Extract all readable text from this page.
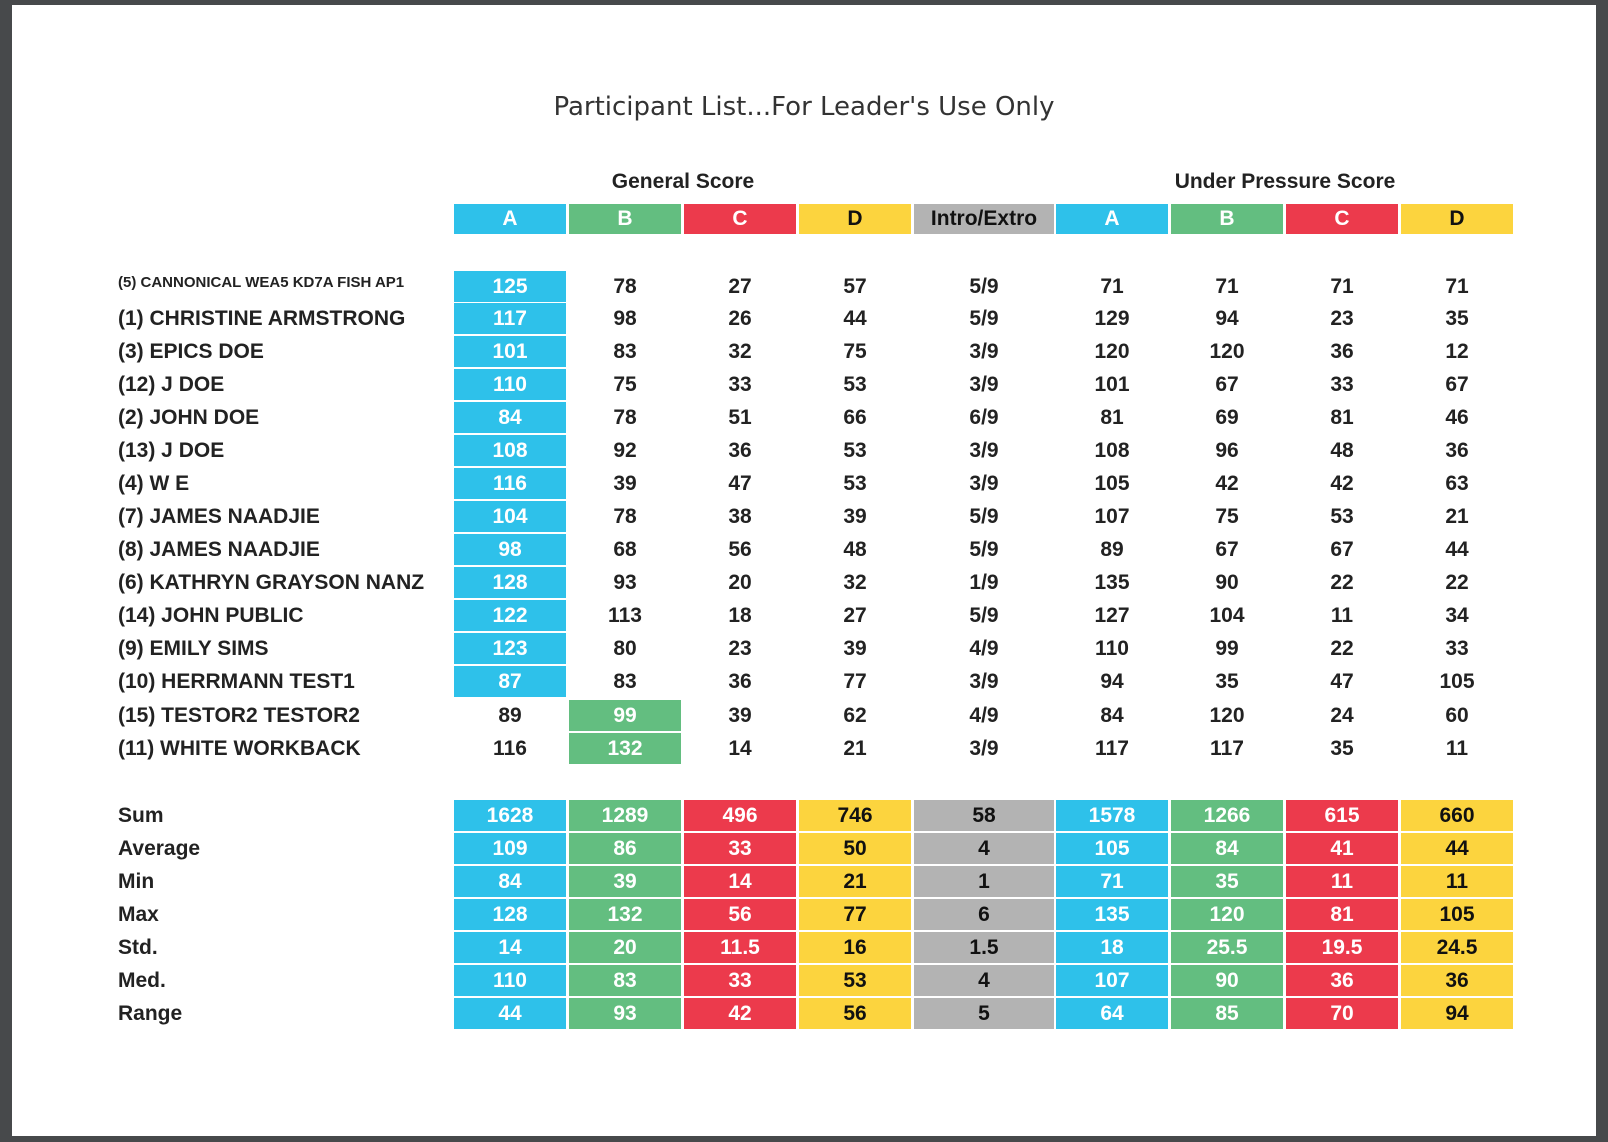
Participant List...For Leader's Use Only
General Score	Under Pressure Score
A	B	C	D	Intro/Extro	A	B	C	D
(5) CANNONICAL WEA5 KD7A FISH AP1	125	78	27	57	5/9	71	71	71	71
(1) CHRISTINE ARMSTRONG	117	98	26	44	5/9	129	94	23	35
(3) EPICS DOE	101	83	32	75	3/9	120	120	36	12
(12) J DOE	110	75	33	53	3/9	101	67	33	67
(2) JOHN DOE	84	78	51	66	6/9	81	69	81	46
(13) J DOE	108	92	36	53	3/9	108	96	48	36
(4) W E	116	39	47	53	3/9	105	42	42	63
(7) JAMES NAADJIE	104	78	38	39	5/9	107	75	53	21
(8) JAMES NAADJIE	98	68	56	48	5/9	89	67	67	44
(6) KATHRYN GRAYSON NANZ	128	93	20	32	1/9	135	90	22	22
(14) JOHN PUBLIC	122	113	18	27	5/9	127	104	11	34
(9) EMILY SIMS	123	80	23	39	4/9	110	99	22	33
(10) HERRMANN TEST1	87	83	36	77	3/9	94	35	47	105
(15) TESTOR2 TESTOR2	89	99	39	62	4/9	84	120	24	60
(11) WHITE WORKBACK	116	132	14	21	3/9	117	117	35	11
Sum	1628	1289	496	746	58	1578	1266	615	660
Average	109	86	33	50	4	105	84	41	44
Min	84	39	14	21	1	71	35	11	11
Max	128	132	56	77	6	135	120	81	105
Std.	14	20	11.5	16	1.5	18	25.5	19.5	24.5
Med.	110	83	33	53	4	107	90	36	36
Range	44	93	42	56	5	64	85	70	94
